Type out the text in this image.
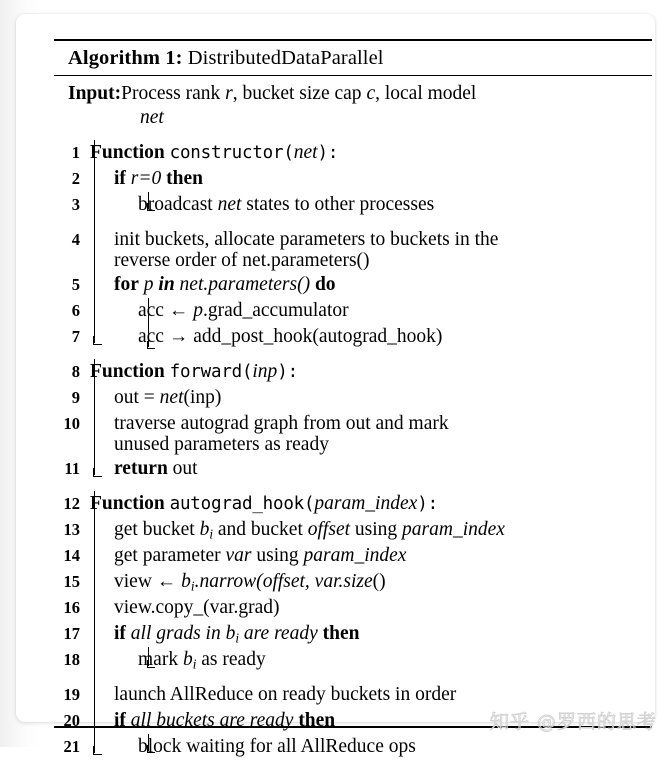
Algorithm 1: DistributedDataParallel
Input:Process rank r, bucket size cap c, local model
net
1 Function constructor(net):
2	if r=0 then
3	broadcast net states to other processes
4	init buckets, allocate parameters to buckets in the
reverse order of net.parameters()
5	for p in net.parameters() do
6	acc ← p.grad_accumulator
7	acc → add_post_hook(autograd_hook)
8 Function forward(inp):
9	out = net(inp)
10	traverse autograd graph from out and mark
unused parameters as ready
11	return out
12 Function autograd_hook(param_index):
13	get bucket $b_i$ and bucket offset using param_index
14	get parameter var using param_index
15	view ← $b_i.narrow(offset$, var.size()
16	view.copy_(var.grad)
17	if all grads in $b_i$ are ready then
18	mark $b_i$ as ready
19	launch AllReduce on ready buckets in order
20	if all buckets are ready then
21	block waiting for all AllReduce ops
知乎 @罗西的思考
